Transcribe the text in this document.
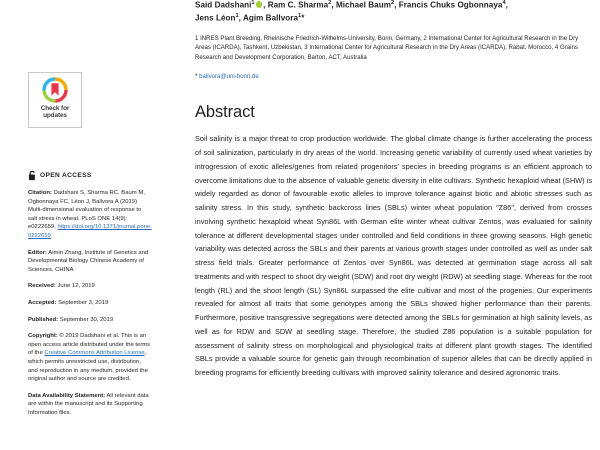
Check for
updates
OPEN ACCESS
Citation: Dadshani S, Sharma RC, Baum M, Ogbonnaya FC, Léon J, Ballvora A (2019) Multi-dimensional evaluation of response to salt stress in wheat. PLoS ONE 14(9): e0222659. https://doi.org/10.1371/journal.pone.0222659
Editor: Aimin Zhang, Institute of Genetics and Developmental Biology Chinese Academy of Sciences, CHINA
Received: June 12, 2019
Accepted: September 3, 2019
Published: September 30, 2019
Copyright: © 2019 Dadshani et al. This is an open access article distributed under the terms of the Creative Commons Attribution License, which permits unrestricted use, distribution, and reproduction in any medium, provided the original author and source are credited.
Data Availability Statement: All relevant data are within the manuscript and its Supporting Information files.
Said Dadshani$^1$ , Ram C. Sharma$^2$, Michael Baum$^2$, Francis Chuks Ogbonnaya$^4$,
Jens Léon$^1$, Agim Ballvora$^1$*
1 INRES Plant Breeding, Rheinische Friedrich-Wilhelms-University, Bonn, Germany, 2 International Center for Agricultural Research in the Dry Areas (ICARDA), Tashkent, Uzbekistan, 3 International Center for Agricultural Research in the Dry Areas (ICARDA), Rabat, Morocco, 4 Grains Research and Development Corporation, Barton, ACT, Australia
* ballvora@uni-bonn.de
Abstract
Soil salinity is a major threat to crop production worldwide. The global climate change is further accelerating the process of soil salinization, particularly in dry areas of the world. Increasing genetic variability of currently used wheat varieties by introgression of exotic alleles/genes from related progenitors' species in breeding programs is an efficient approach to overcome limitations due to the absence of valuable genetic diversity in elite cultivars. Synthetic hexaploid wheat (SHW) is widely regarded as donor of favourable exotic alleles to improve tolerance against biotic and abiotic stresses such as salinity stress. In this study, synthetic backcross lines (SBLs) winter wheat population "Z86", derived from crosses involving synthetic hexaploid wheat Syn86L with German elite winter wheat cultivar Zentos, was evaluated for salinity tolerance at different developmental stages under controlled and field conditions in three growing seasons. High genetic variability was detected across the SBLs and their parents at various growth stages under controlled as well as under salt stress field trials. Greater performance of Zentos over Syn86L was detected at germination stage across all salt treatments and with respect to shoot dry weight (SDW) and root dry weight (RDW) at seedling stage. Whereas for the root length (RL) and the shoot length (SL) Syn86L surpassed the elite cultivar and most of the progenies. Our experiments revealed for almost all traits that some genotypes among the SBLs showed higher performance than their parents. Furthermore, positive transgressive segregations were detected among the SBLs for germination at high salinity levels, as well as for RDW and SDW at seedling stage. Therefore, the studied Z86 population is a suitable population for assessment of salinity stress on morphological and physiological traits at different plant growth stages. The identified SBLs provide a valuable source for genetic gain through recombination of superior alleles that can be directly applied in breeding programs for efficiently breeding cultivars with improved salinity tolerance and desired agronomic traits.
